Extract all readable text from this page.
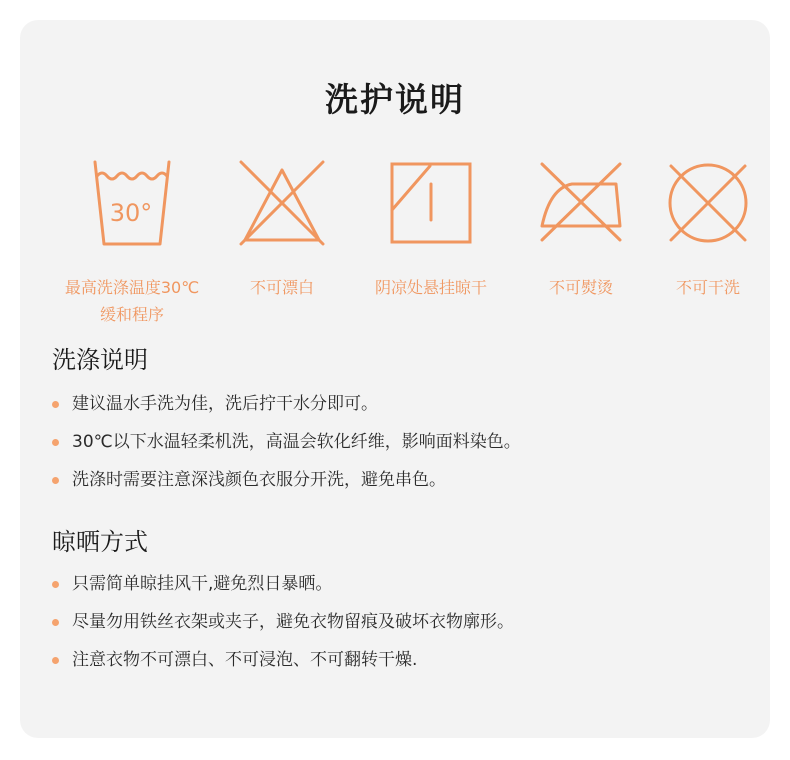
洗护说明
30°
最高洗涤温度30℃
缓和程序
不可漂白	阴凉处悬挂晾干	不可熨烫	不可干洗
洗涤说明
建议温水手洗为佳，洗后拧干水分即可。
30℃以下水温轻柔机洗，高温会软化纤维，影响面料染色。
洗涤时需要注意深浅颜色衣服分开洗，避免串色。
晾晒方式
只需简单晾挂风干,避免烈日暴晒。
尽量勿用铁丝衣架或夹子，避免衣物留痕及破坏衣物廓形。
注意衣物不可漂白、不可浸泡、不可翻转干燥.
